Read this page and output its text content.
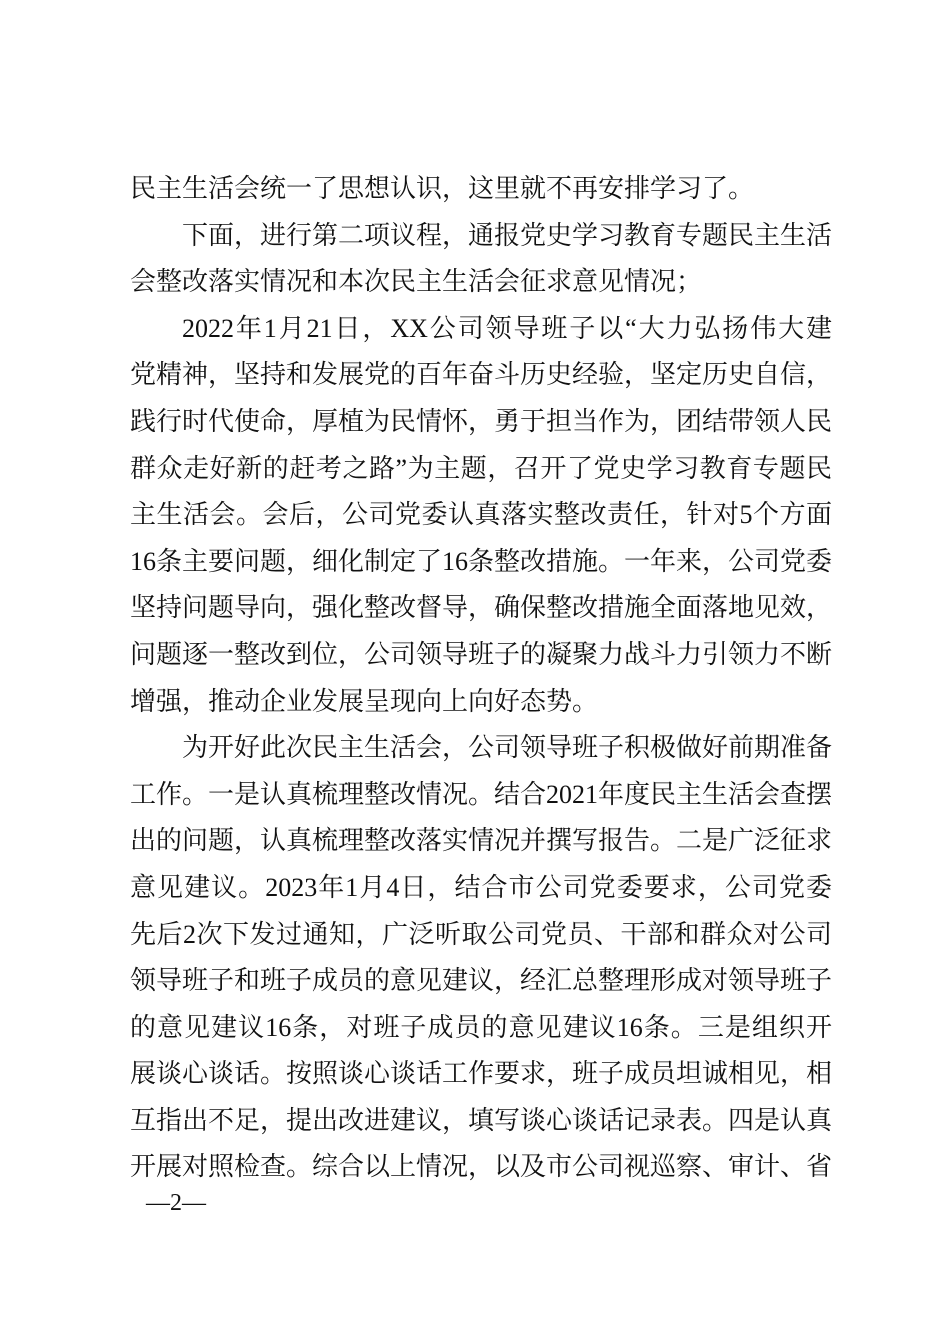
民主生活会统一了思想认识，这里就不再安排学习了。
下面，进行第二项议程，通报党史学习教育专题民主生活
会整改落实情况和本次民主生活会征求意见情况；
2022年1月21日，XX公司领导班子以“大力弘扬伟大建
党精神，坚持和发展党的百年奋斗历史经验，坚定历史自信，
践行时代使命，厚植为民情怀，勇于担当作为，团结带领人民
群众走好新的赶考之路”为主题，召开了党史学习教育专题民
主生活会。会后，公司党委认真落实整改责任，针对5个方面
16条主要问题，细化制定了16条整改措施。一年来，公司党委
坚持问题导向，强化整改督导，确保整改措施全面落地见效，
问题逐一整改到位，公司领导班子的凝聚力战斗力引领力不断
增强，推动企业发展呈现向上向好态势。
为开好此次民主生活会，公司领导班子积极做好前期准备
工作。一是认真梳理整改情况。结合2021年度民主生活会查摆
出的问题，认真梳理整改落实情况并撰写报告。二是广泛征求
意见建议。2023年1月4日，结合市公司党委要求，公司党委
先后2次下发过通知，广泛听取公司党员、干部和群众对公司
领导班子和班子成员的意见建议，经汇总整理形成对领导班子
的意见建议16条，对班子成员的意见建议16条。三是组织开
展谈心谈话。按照谈心谈话工作要求，班子成员坦诚相见，相
互指出不足，提出改进建议，填写谈心谈话记录表。四是认真
开展对照检查。综合以上情况，以及市公司视巡察、审计、省
—2—
